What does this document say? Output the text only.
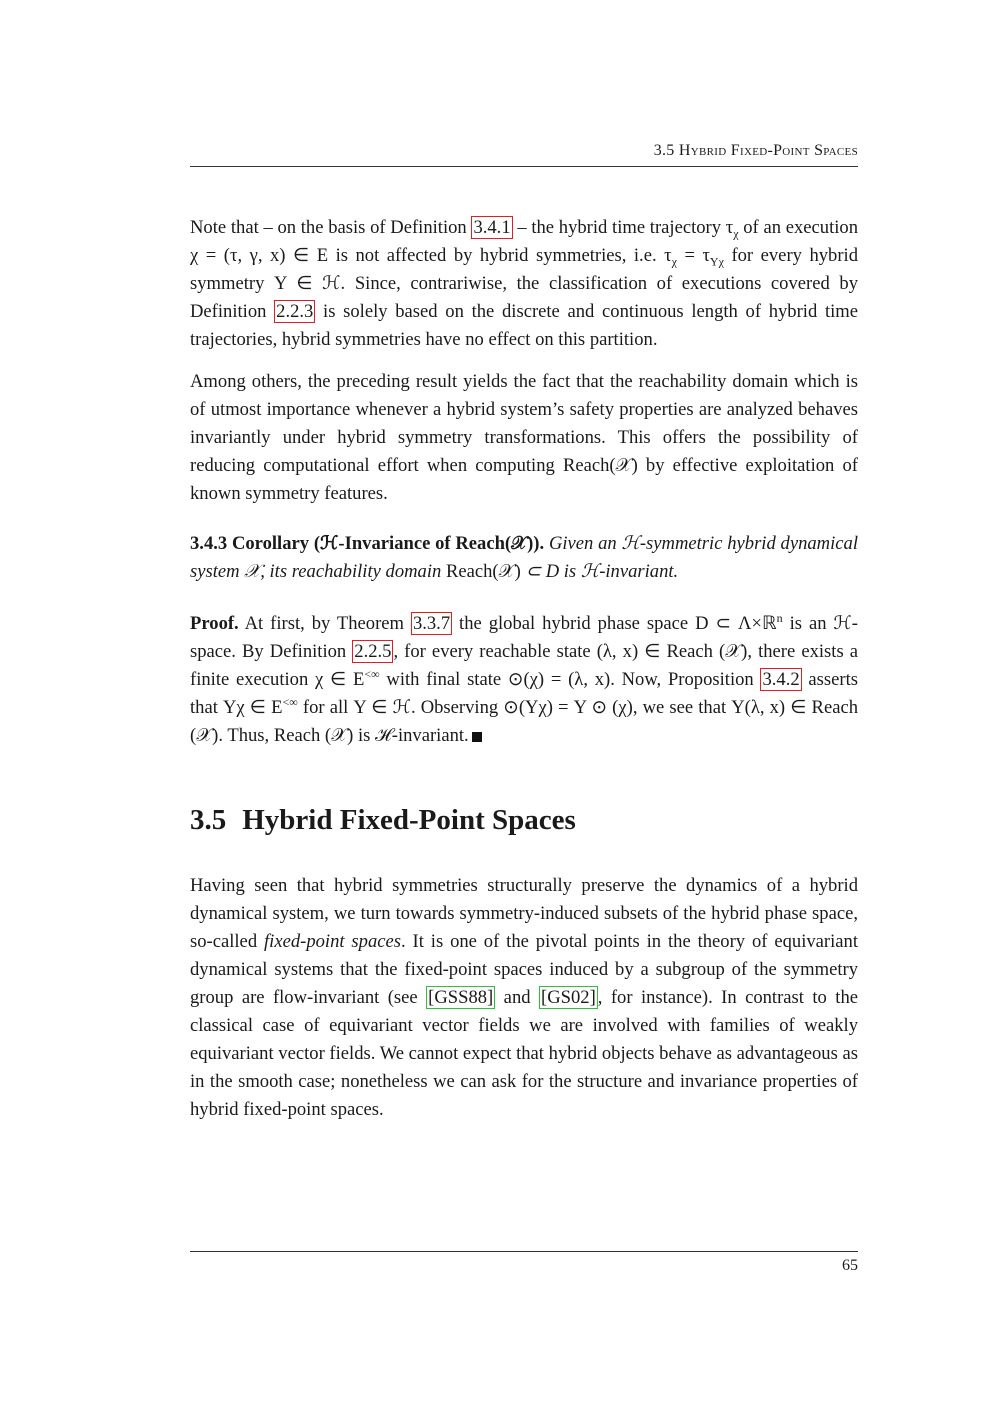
3.5 Hybrid Fixed-Point Spaces

Note that – on the basis of Definition 3.4.1 – the hybrid time trajectory $\tau_\chi$ of an execution χ = (τ, γ, x) ∈ E is not affected by hybrid symmetries, i.e. $\tau_\chi = \tau_{\Upsilon\chi}$ for every hybrid symmetry Υ ∈ ℋ. Since, contrariwise, the classification of executions covered by Definition 2.2.3 is solely based on the discrete and continuous length of hybrid time trajectories, hybrid symmetries have no effect on this partition.

Among others, the preceding result yields the fact that the reachability domain which is of utmost importance whenever a hybrid system’s safety properties are analyzed behaves invariantly under hybrid symmetry transformations. This offers the possibility of reducing computational effort when computing Reach(𝒳) by effective exploitation of known symmetry features.

3.4.3 Corollary (ℋ-Invariance of Reach(𝒳)). Given an ℋ-symmetric hybrid dynamical system 𝒳, its reachability domain Reach(𝒳) ⊂ D is ℋ-invariant.

Proof. At first, by Theorem 3.3.7 the global hybrid phase space D ⊂ Λ×ℝ$^n$ is an ℋ-space. By Definition 2.2.5 , for every reachable state (λ, x) ∈ Reach (𝒳), there exists a finite execution χ ∈ E<∞ with final state ⊙(χ) = (λ, x). Now, Proposition 3.4.2 asserts that Υχ ∈ E<∞ for all Υ ∈ ℋ. Observing ⊙(Υχ) = Υ ⊙ (χ), we see that Υ(λ, x) ∈ Reach (𝒳). Thus, Reach (𝒳) is ℋ-invariant.

3.5 Hybrid Fixed-Point Spaces

Having seen that hybrid symmetries structurally preserve the dynamics of a hybrid dynamical system, we turn towards symmetry-induced subsets of the hybrid phase space, so-called fixed-point spaces. It is one of the pivotal points in the theory of equivariant dynamical systems that the fixed-point spaces induced by a subgroup of the symmetry group are flow-invariant (see [GSS88] and [GS02] , for instance). In contrast to the classical case of equivariant vector fields we are involved with families of weakly equivariant vector fields. We cannot expect that hybrid objects behave as advantageous as in the smooth case; nonetheless we can ask for the structure and invariance properties of hybrid fixed-point spaces.

65
